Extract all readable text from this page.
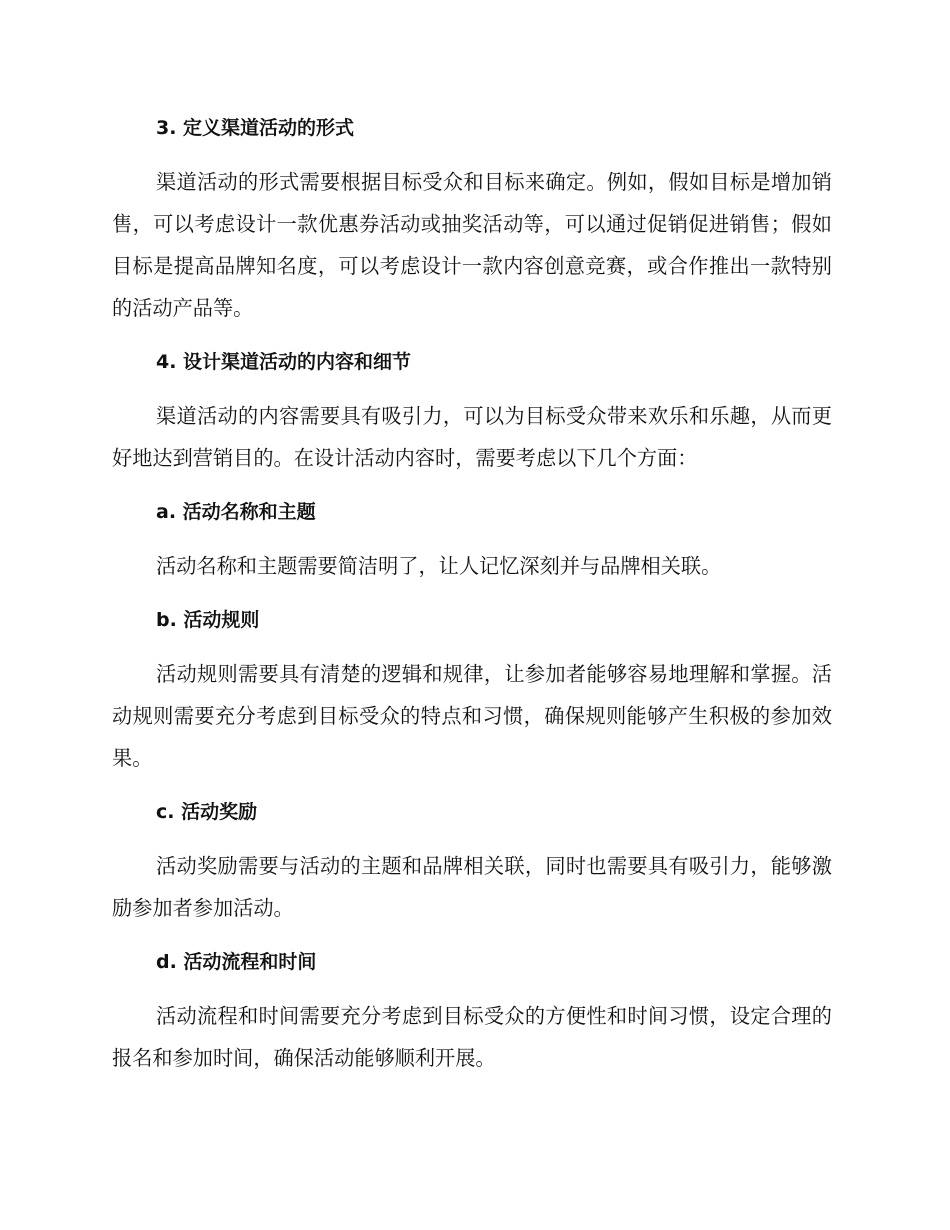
3. 定义渠道活动的形式

渠道活动的形式需要根据目标受众和目标来确定。例如，假如目标是增加销售，可以考虑设计一款优惠券活动或抽奖活动等，可以通过促销促进销售；假如目标是提高品牌知名度，可以考虑设计一款内容创意竞赛，或合作推出一款特别的活动产品等。

4. 设计渠道活动的内容和细节

渠道活动的内容需要具有吸引力，可以为目标受众带来欢乐和乐趣，从而更好地达到营销目的。在设计活动内容时，需要考虑以下几个方面：

a. 活动名称和主题

活动名称和主题需要简洁明了，让人记忆深刻并与品牌相关联。

b. 活动规则

活动规则需要具有清楚的逻辑和规律，让参加者能够容易地理解和掌握。活动规则需要充分考虑到目标受众的特点和习惯，确保规则能够产生积极的参加效果。

c. 活动奖励

活动奖励需要与活动的主题和品牌相关联，同时也需要具有吸引力，能够激励参加者参加活动。

d. 活动流程和时间

活动流程和时间需要充分考虑到目标受众的方便性和时间习惯，设定合理的报名和参加时间，确保活动能够顺利开展。
